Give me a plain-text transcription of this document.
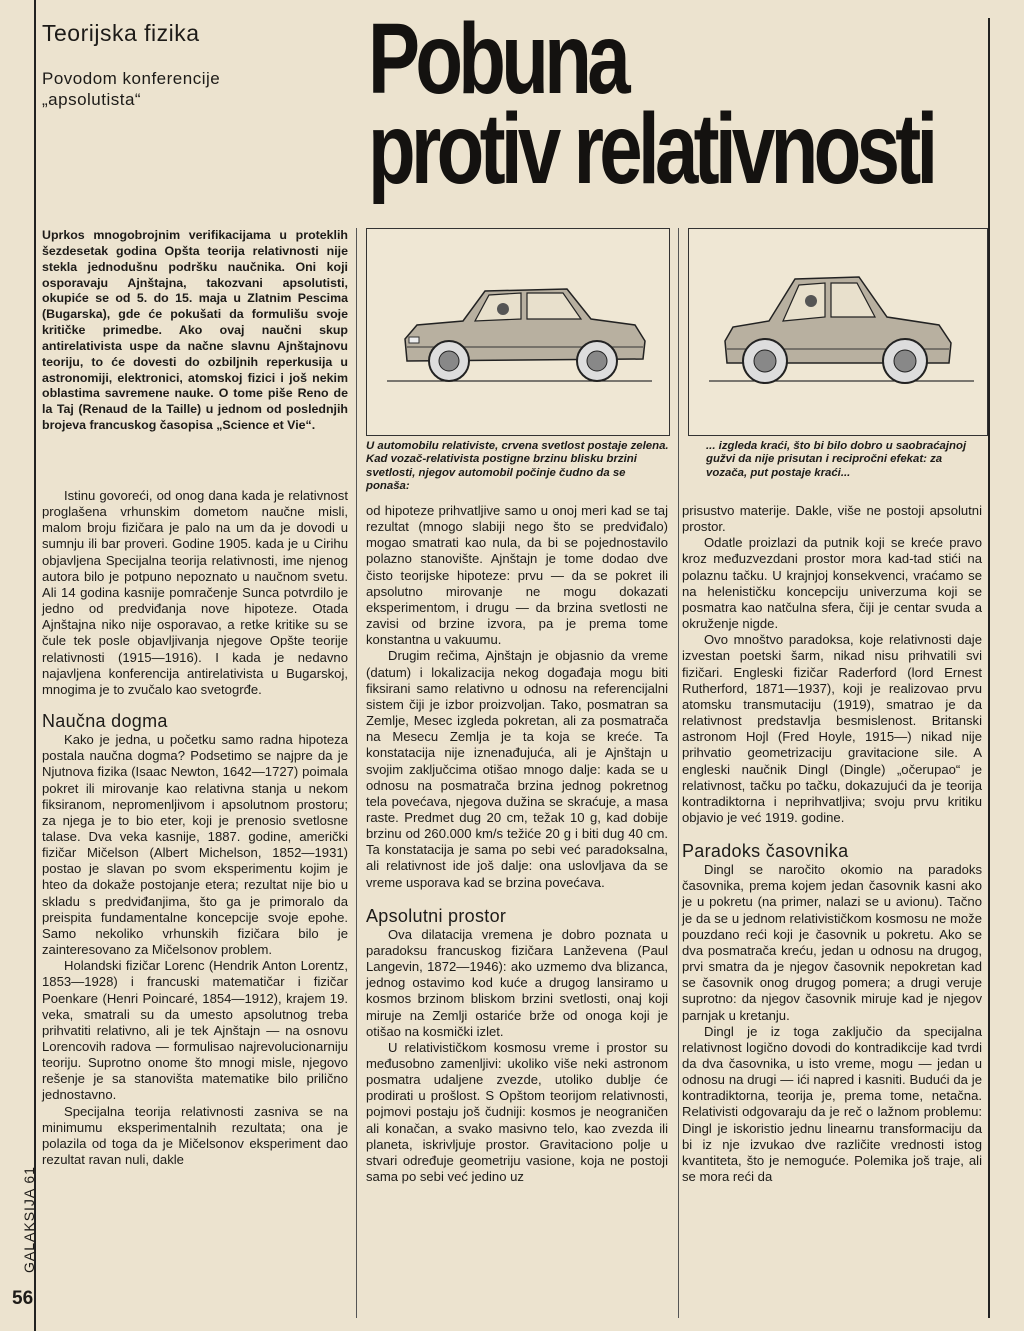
Teorijska fizika
Povodom konferencije
„apsolutista“	Pobuna
protiv relativnosti
GALAKSIJA 61
56
Uprkos mnogobrojnim verifikacijama u proteklih šezdesetak godina Opšta teorija relativnosti nije stekla jednodušnu podršku naučnika. Oni koji osporavaju Ajnštajna, takozvani apsolutisti, okupiće se od 5. do 15. maja u Zlatnim Pescima (Bugarska), gde će pokušati da formulišu svoje kritičke primedbe. Ako ovaj naučni skup antirelativista uspe da načne slavnu Ajnštajnovu teoriju, to će dovesti do ozbiljnih reperkusija u astronomiji, elektronici, atomskoj fizici i još nekim oblastima savremene nauke. O tome piše Reno de la Taj (Renaud de la Taille) u jednom od poslednjih brojeva francuskog časopisa „Science et Vie“.

Istinu govoreći, od onog dana kada je relativnost proglašena vrhunskim dometom naučne misli, malom broju fizičara je palo na um da je dovodi u sumnju ili bar proveri. Godine 1905. kada je u Cirihu objavljena Specijalna teorija relativnosti, ime njenog autora bilo je potpuno nepoznato u naučnom svetu. Ali 14 godina kasnije pomračenje Sunca potvrdilo je jedno od predviđanja nove hipoteze. Otada Ajnštajna niko nije osporavao, a retke kritike su se čule tek posle objavljivanja njegove Opšte teorije relativnosti (1915—1916). I kada je nedavno najavljena konferencija antirelativista u Bugarskoj, mnogima je to zvučalo kao svetogrđe.

Naučna dogma

Kako je jedna, u početku samo radna hipoteza postala naučna dogma? Podsetimo se najpre da je Njutnova fizika (Isaac Newton, 1642—1727) poimala pokret ili mirovanje kao relativna stanja u nekom fiksiranom, nepromenljivom i apsolutnom prostoru; za njega je to bio eter, koji je prenosio svetlosne talase. Dva veka kasnije, 1887. godine, američki fizičar Mičelson (Albert Michelson, 1852—1931) postao je slavan po svom eksperimentu kojim je hteo da dokaže postojanje etera; rezultat nije bio u skladu s predviđanjima, što ga je primoralo da preispita fundamentalne koncepcije svoje epohe. Samo nekoliko vrhunskih fizičara bilo je zainteresovano za Mičelsonov problem.

Holandski fizičar Lorenc (Hendrik Anton Lorentz, 1853—1928) i francuski matematičar i fizičar Poenkare (Henri Poincaré, 1854—1912), krajem 19. veka, smatrali su da umesto apsolutnog treba prihvatiti relativno, ali je tek Ajnštajn — na osnovu Lorencovih radova — formulisao najrevolucionarniju teoriju. Suprotno onome što mnogi misle, njegovo rešenje je sa stanovišta matematike bilo prilično jednostavno.

Specijalna teorija relativnosti zasniva se na minimumu eksperimentalnih rezultata; ona je polazila od toga da je Mičelsonov eksperiment dao rezultat ravan nuli, dakle

U automobilu relativiste, crvena svetlost postaje zelena. Kad vozač-relativista postigne brzinu blisku brzini svetlosti, njegov automobil počinje čudno da se ponaša:
... izgleda kraći, što bi bilo dobro u saobraćajnoj gužvi da nije prisutan i recipročni efekat: za vozača, put postaje kraći...

od hipoteze prihvatljive samo u onoj meri kad se taj rezultat (mnogo slabiji nego što se predviđalo) mogao smatrati kao nula, da bi se pojednostavilo polazno stanovište. Ajnštajn je tome dodao dve čisto teorijske hipoteze: prvu — da se pokret ili apsolutno mirovanje ne mogu dokazati eksperimentom, i drugu — da brzina svetlosti ne zavisi od brzine izvora, pa je prema tome konstantna u vakuumu.

Drugim rečima, Ajnštajn je objasnio da vreme (datum) i lokalizacija nekog događaja mogu biti fiksirani samo relativno u odnosu na referencijalni sistem čiji je izbor proizvoljan. Tako, posmatran sa Zemlje, Mesec izgleda pokretan, ali za posmatrača na Mesecu Zemlja je ta koja se kreće. Ta konstatacija nije iznenađujuća, ali je Ajnštajn u svojim zaključcima otišao mnogo dalje: kada se u odnosu na posmatrača brzina jednog pokretnog tela povećava, njegova dužina se skraćuje, a masa raste. Predmet dug 20 cm, težak 10 g, kad dobije brzinu od 260.000 km/s težiće 20 g i biti dug 40 cm. Ta konstatacija je sama po sebi već paradoksalna, ali relativnost ide još dalje: ona uslovljava da se vreme usporava kad se brzina povećava.

Apsolutni prostor

Ova dilatacija vremena je dobro poznata u paradoksu francuskog fizičara Lanževena (Paul Langevin, 1872—1946): ako uzmemo dva blizanca, jednog ostavimo kod kuće a drugog lansiramo u kosmos brzinom bliskom brzini svetlosti, onaj koji miruje na Zemlji ostariće brže od onoga koji je otišao na kosmički izlet.

U relativističkom kosmosu vreme i prostor su međusobno zamenljivi: ukoliko više neki astronom posmatra udaljene zvezde, utoliko dublje će prodirati u prošlost. S Opštom teorijom relativnosti, pojmovi postaju još čudniji: kosmos je neograničen ali konačan, a svako masivno telo, kao zvezda ili planeta, iskrivljuje prostor. Gravitaciono polje u stvari određuje geometriju vasione, koja ne postoji sama po sebi već jedino uz

prisustvo materije. Dakle, više ne postoji apsolutni prostor.

Odatle proizlazi da putnik koji se kreće pravo kroz međuzvezdani prostor mora kad-tad stići na polaznu tačku. U krajnjoj konsekvenci, vraćamo se na helenističku koncepciju univerzuma koji se posmatra kao natčulna sfera, čiji je centar svuda a okruženje nigde.

Ovo mnoštvo paradoksa, koje relativnosti daje izvestan poetski šarm, nikad nisu prihvatili svi fizičari. Engleski fizičar Raderford (lord Ernest Rutherford, 1871—1937), koji je realizovao prvu atomsku transmutaciju (1919), smatrao je da relativnost predstavlja besmislenost. Britanski astronom Hojl (Fred Hoyle, 1915—) nikad nije prihvatio geometrizaciju gravitacione sile. A engleski naučnik Dingl (Dingle) „očerupao“ je relativnost, tačku po tačku, dokazujući da je teorija kontradiktorna i neprihvatljiva; svoju prvu kritiku objavio je već 1919. godine.

Paradoks časovnika

Dingl se naročito okomio na paradoks časovnika, prema kojem jedan časovnik kasni ako je u pokretu (na primer, nalazi se u avionu). Tačno je da se u jednom relativističkom kosmosu ne može pouzdano reći koji je časovnik u pokretu. Ako se dva posmatrača kreću, jedan u odnosu na drugog, prvi smatra da je njegov časovnik nepokretan kad se časovnik onog drugog pomera; a drugi veruje suprotno: da njegov časovnik miruje kad je njegov parnjak u kretanju.

Dingl je iz toga zaključio da specijalna relativnost logično dovodi do kontradikcije kad tvrdi da dva časovnika, u isto vreme, mogu — jedan u odnosu na drugi — ići napred i kasniti. Budući da je kontradiktorna, teorija je, prema tome, netačna. Relativisti odgovaraju da je reč o lažnom problemu: Dingl je iskoristio jednu linearnu transformaciju da bi iz nje izvukao dve različite vrednosti istog kvantiteta, što je nemoguće. Polemika još traje, ali se mora reći da
